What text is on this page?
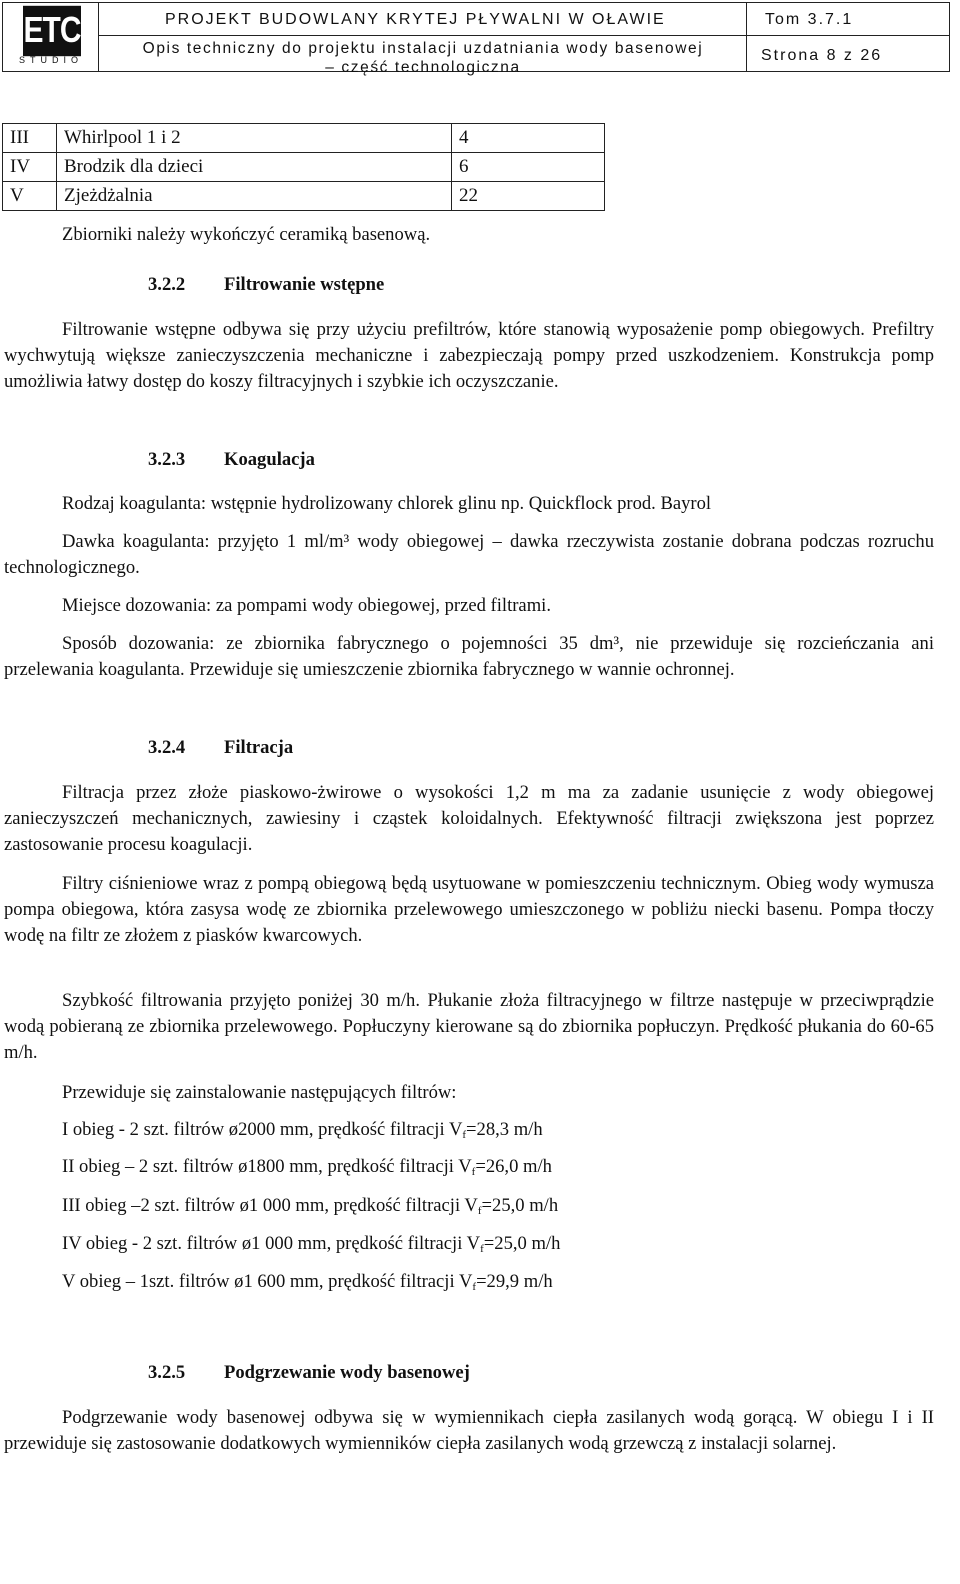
ETC
STUDIO
PROJEKT BUDOWLANY KRYTEJ PŁYWALNI W OŁAWIE
Opis techniczny do projektu instalacji uzdatniania wody basenowej
– część technologiczna
Tom 3.7.1
Strona 8 z 26
III	Whirlpool 1 i 2	4
IV	Brodzik dla dzieci	6
V	Zjeżdżalnia	22

Zbiorniki należy wykończyć ceramiką basenową.

3.2.2 Filtrowanie wstępne

Filtrowanie wstępne odbywa się przy użyciu prefiltrów, które stanowią wyposażenie pomp obiegowych. Prefiltry wychwytują większe zanieczyszczenia mechaniczne i zabezpieczają pompy przed uszkodzeniem. Konstrukcja pomp umożliwia łatwy dostęp do koszy filtracyjnych i szybkie ich oczyszczanie.

3.2.3 Koagulacja

Rodzaj koagulanta: wstępnie hydrolizowany chlorek glinu np. Quickflock prod. Bayrol

Dawka koagulanta: przyjęto 1 ml/m³ wody obiegowej – dawka rzeczywista zostanie dobrana podczas rozruchu technologicznego.

Miejsce dozowania: za pompami wody obiegowej, przed filtrami.

Sposób dozowania: ze zbiornika fabrycznego o pojemności 35 dm³, nie przewiduje się rozcieńczania ani przelewania koagulanta. Przewiduje się umieszczenie zbiornika fabrycznego w wannie ochronnej.

3.2.4 Filtracja

Filtracja przez złoże piaskowo-żwirowe o wysokości 1,2 m ma za zadanie usunięcie z wody obiegowej zanieczyszczeń mechanicznych, zawiesiny i cząstek koloidalnych. Efektywność filtracji zwiększona jest poprzez zastosowanie procesu koagulacji.

Filtry ciśnieniowe wraz z pompą obiegową będą usytuowane w pomieszczeniu technicznym. Obieg wody wymusza pompa obiegowa, która zasysa wodę ze zbiornika przelewowego umieszczonego w pobliżu niecki basenu. Pompa tłoczy wodę na filtr ze złożem z piasków kwarcowych.

Szybkość filtrowania przyjęto poniżej 30 m/h. Płukanie złoża filtracyjnego w filtrze następuje w przeciwprądzie wodą pobieraną ze zbiornika przelewowego. Popłuczyny kierowane są do zbiornika popłuczyn. Prędkość płukania do 60-65 m/h.

Przewiduje się zainstalowanie następujących filtrów:

I obieg - 2 szt. filtrów ø2000 mm, prędkość filtracji $V_f=28,3$ m/h
II obieg – 2 szt. filtrów ø1800 mm, prędkość filtracji $V_f=26,0$ m/h
III obieg –2 szt. filtrów ø1 000 mm, prędkość filtracji $V_f=25,0$ m/h
IV obieg - 2 szt. filtrów ø1 000 mm, prędkość filtracji $V_f=25,0$ m/h
V obieg – 1szt. filtrów ø1 600 mm, prędkość filtracji $V_f=29,9$ m/h
3.2.5 Podgrzewanie wody basenowej

Podgrzewanie wody basenowej odbywa się w wymiennikach ciepła zasilanych wodą gorącą. W obiegu I i II przewiduje się zastosowanie dodatkowych wymienników ciepła zasilanych wodą grzewczą z instalacji solarnej.
